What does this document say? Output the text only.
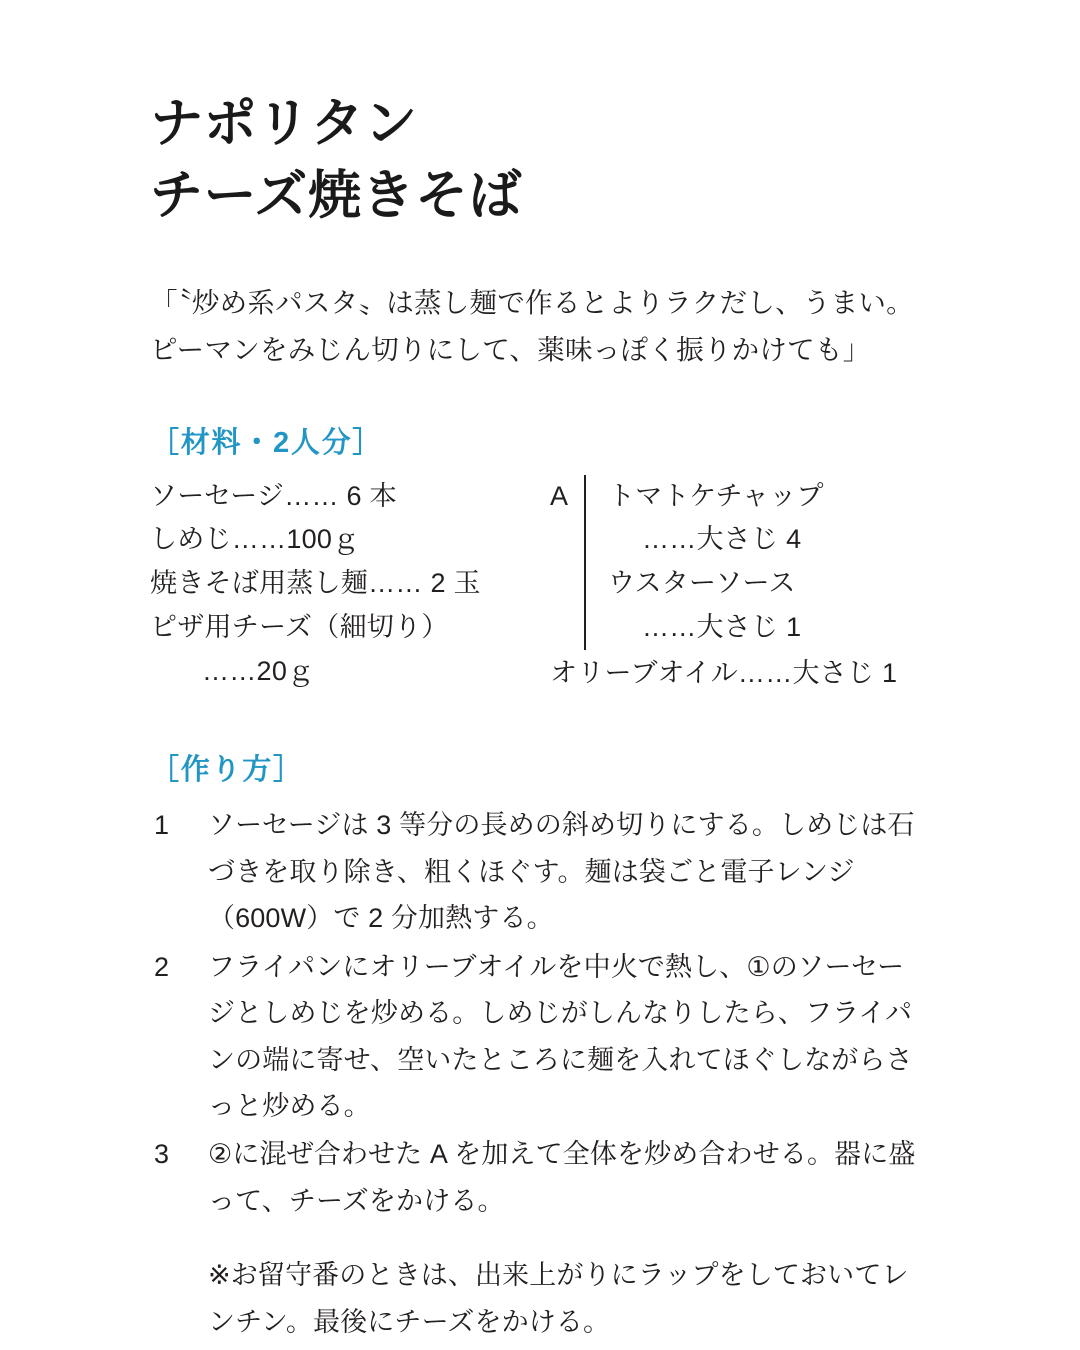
ナポリタン
チーズ焼きそば
「〝炒め系パスタ〟は蒸し麺で作るとよりラクだし、うまい。
ピーマンをみじん切りにして、薬味っぽく振りかけても」
［材料・2人分］
ソーセージ…… 6 本
しめじ……100ｇ
焼きそば用蒸し麺…… 2 玉
ピザ用チーズ（細切り）
……20ｇ
A	トマトケチャップ
……大さじ 4
ウスターソース
……大さじ 1
オリーブオイル……大さじ 1
［作り方］
1	ソーセージは 3 等分の長めの斜め切りにする。しめじは石づきを取り除き、粗くほぐす。麺は袋ごと電子レンジ（600W）で 2 分加熱する。
2	フライパンにオリーブオイルを中火で熱し、①のソーセージとしめじを炒める。しめじがしんなりしたら、フライパンの端に寄せ、空いたところに麺を入れてほぐしながらさっと炒める。
3	②に混ぜ合わせた A を加えて全体を炒め合わせる。器に盛って、チーズをかける。
※お留守番のときは、出来上がりにラップをしておいてレンチン。最後にチーズをかける。
